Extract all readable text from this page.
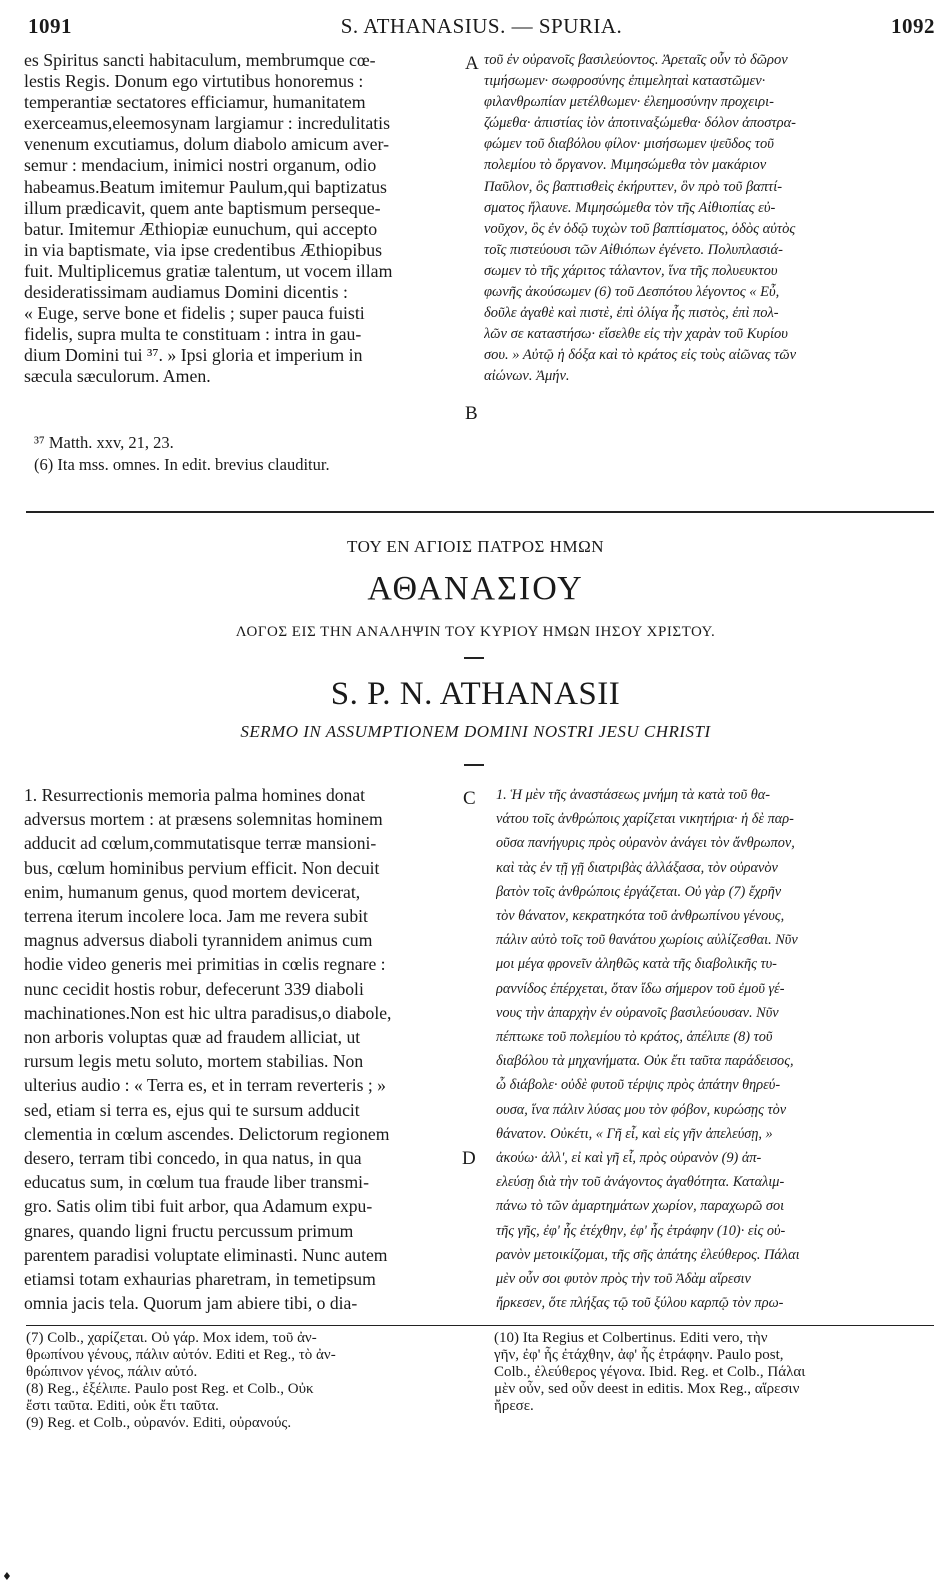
1091	S. ATHANASIUS. — SPURIA.	1092
es Spiritus sancti habitaculum, membrumque cœ-
lestis Regis. Donum ego virtutibus honoremus :
temperantiæ sectatores efficiamur, humanitatem
exerceamus,eleemosynam largiamur : incredulitatis
venenum excutiamus, dolum diabolo amicum aver-
semur : mendacium, inimici nostri organum, odio
habeamus.Beatum imitemur Paulum,qui baptizatus
illum prædicavit, quem ante baptismum perseque-
batur. Imitemur Æthiopiæ eunuchum, qui accepto
in via baptismate, via ipse credentibus Æthiopibus
fuit. Multiplicemus gratiæ talentum, ut vocem illam
desideratissimam audiamus Domini dicentis :
« Euge, serve bone et fidelis ; super pauca fuisti
fidelis, supra multa te constituam : intra in gau-
dium Domini tui ³⁷. » Ipsi gloria et imperium in
sæcula sæculorum. Amen.
τοῦ ἐν οὐρανοῖς βασιλεύοντος. Ἀρεταῖς οὖν τὸ δῶρον
τιμήσωμεν· σωφροσύνης ἐπιμεληταὶ καταστῶμεν·
φιλανθρωπίαν μετέλθωμεν· ἐλεημοσύνην προχειρι-
ζώμεθα· ἀπιστίας ἰὸν ἀποτιναξώμεθα· δόλον ἀποστρα-
φώμεν τοῦ διαβόλου φίλον· μισήσωμεν ψεῦδος τοῦ
πολεμίου τὸ ὄργανον. Μιμησώμεθα τὸν μακάριον
Παῦλον, ὃς βαπτισθεὶς ἐκήρυττεν, ὃν πρὸ τοῦ βαπτί-
σματος ἤλαυνε. Μιμησώμεθα τὸν τῆς Αἰθιοπίας εὐ-
νοῦχον, ὃς ἐν ὁδῷ τυχὼν τοῦ βαπτίσματος, ὁδὸς αὐτὸς
τοῖς πιστεύουσι τῶν Αἰθιόπων ἐγένετο. Πολυπλασιά-
σωμεν τὸ τῆς χάριτος τάλαντον, ἵνα τῆς πολυευκτου
φωνῆς ἀκούσωμεν (6) τοῦ Δεσπότου λέγοντος « Εὖ,
δοῦλε ἀγαθὲ καὶ πιστὲ, ἐπὶ ὀλίγα ἧς πιστὸς, ἐπὶ πολ-
λῶν σε καταστήσω· εἴσελθε εἰς τὴν χαρὰν τοῦ Κυρίου
σου. » Αὐτῷ ἡ δόξα καὶ τὸ κράτος εἰς τοὺς αἰῶνας τῶν
αἰώνων. Ἀμήν.
A
B
³⁷ Matth. xxv, 21, 23.
(6) Ita mss. omnes. In edit. brevius clauditur.
ΤΟΥ ΕΝ ΑΓΙΟΙΣ ΠΑΤΡΟΣ ΗΜΩΝ
ΑΘΑΝΑΣΙΟΥ
ΛΟΓΟΣ ΕΙΣ ΤΗΝ ΑΝΑΛΗΨΙΝ ΤΟΥ ΚΥΡΙΟΥ ΗΜΩΝ ΙΗΣΟΥ ΧΡΙΣΤΟΥ.
S. P. N. ATHANASII
SERMO IN ASSUMPTIONEM DOMINI NOSTRI JESU CHRISTI
1. Resurrectionis memoria palma homines donat
adversus mortem : at præsens solemnitas hominem
adducit ad cœlum,commutatisque terræ mansioni-
bus, cœlum hominibus pervium efficit. Non decuit
enim, humanum genus, quod mortem devicerat,
terrena iterum incolere loca. Jam me revera subit
magnus adversus diaboli tyrannidem animus cum
hodie video generis mei primitias in cœlis regnare :
nunc cecidit hostis robur, defecerunt 339 diaboli
machinationes.Non est hic ultra paradisus,o diabole,
non arboris voluptas quæ ad fraudem alliciat, ut
rursum legis metu soluto, mortem stabilias. Non
ulterius audio : « Terra es, et in terram reverteris ; »
sed, etiam si terra es, ejus qui te sursum adducit
clementia in cœlum ascendes. Delictorum regionem
desero, terram tibi concedo, in qua natus, in qua
educatus sum, in cœlum tua fraude liber transmi-
gro. Satis olim tibi fuit arbor, qua Adamum expu-
gnares, quando ligni fructu percussum primum
parentem paradisi voluptate eliminasti. Nunc autem
etiamsi totam exhaurias pharetram, in temetipsum
omnia jacis tela. Quorum jam abiere tibi, o dia-
1. Ἡ μὲν τῆς ἀναστάσεως μνήμη τὰ κατὰ τοῦ θα-
νάτου τοῖς ἀνθρώποις χαρίζεται νικητήρια· ἡ δὲ παρ-
οῦσα πανήγυρις πρὸς οὐρανὸν ἀνάγει τὸν ἄνθρωπον,
καὶ τὰς ἐν τῇ γῇ διατριβὰς ἀλλάξασα, τὸν οὐρανὸν
βατὸν τοῖς ἀνθρώποις ἐργάζεται. Οὐ γὰρ (7) ἔχρῆν
τὸν θάνατον, κεκρατηκότα τοῦ ἀνθρωπίνου γένους,
πάλιν αὐτὸ τοῖς τοῦ θανάτου χωρίοις αὐλίζεσθαι. Νῦν
μοι μέγα φρονεῖν ἀληθῶς κατὰ τῆς διαβολικῆς τυ-
ραννίδος ἐπέρχεται, ὅταν ἴδω σήμερον τοῦ ἐμοῦ γέ-
νους τὴν ἀπαρχὴν ἐν οὐρανοῖς βασιλεύουσαν. Νῦν
πέπτωκε τοῦ πολεμίου τὸ κράτος, ἀπέλιπε (8) τοῦ
διαβόλου τὰ μηχανήματα. Οὐκ ἔτι ταῦτα παράδεισος,
ὦ διάβολε· οὐδὲ φυτοῦ τέρψις πρὸς ἀπάτην θηρεύ-
ουσα, ἵνα πάλιν λύσας μου τὸν φόβον, κυρώσῃς τὸν
θάνατον. Οὐκέτι, « Γῆ εἶ, καὶ εἰς γῆν ἀπελεύσῃ, »
ἀκούω· ἀλλ', εἰ καὶ γῆ εἶ, πρὸς οὐρανὸν (9) ἀπ-
ελεύσῃ διὰ τὴν τοῦ ἀνάγοντος ἀγαθότητα. Καταλιμ-
πάνω τὸ τῶν ἁμαρτημάτων χωρίον, παραχωρῶ σοι
τῆς γῆς, ἐφ' ἧς ἐτέχθην, ἐφ' ἧς ἐτράφην (10)· εἰς οὐ-
ρανὸν μετοικίζομαι, τῆς σῆς ἀπάτης ἐλεύθερος. Πάλαι
μὲν οὖν σοι φυτὸν πρὸς τὴν τοῦ Ἀδὰμ αἵρεσιν
ἤρκεσεν, ὅτε πλήξας τῷ τοῦ ξύλου καρπῷ τὸν πρω-
C
D
(7) Colb., χαρίζεται. Οὐ γάρ. Mox idem, τοῦ ἀν-
θρωπίνου γένους, πάλιν αὐτόν. Editi et Reg., τὸ ἀν-
θρώπινον γένος, πάλιν αὐτό.
(8) Reg., ἐξέλιπε. Paulo post Reg. et Colb., Οὐκ
ἔστι ταῦτα. Editi, οὐκ ἔτι ταῦτα.
(9) Reg. et Colb., οὐρανόν. Editi, οὐρανούς.
(10) Ita Regius et Colbertinus. Editi vero, τὴν
γῆν, ἐφ' ἧς ἐτάχθην, ἀφ' ἧς ἐτράφην. Paulo post,
Colb., ἐλεύθερος γέγονα. Ibid. Reg. et Colb., Πάλαι
μὲν οὖν, sed οὖν deest in editis. Mox Reg., αἵρεσιν
ἤρεσε.
♦
